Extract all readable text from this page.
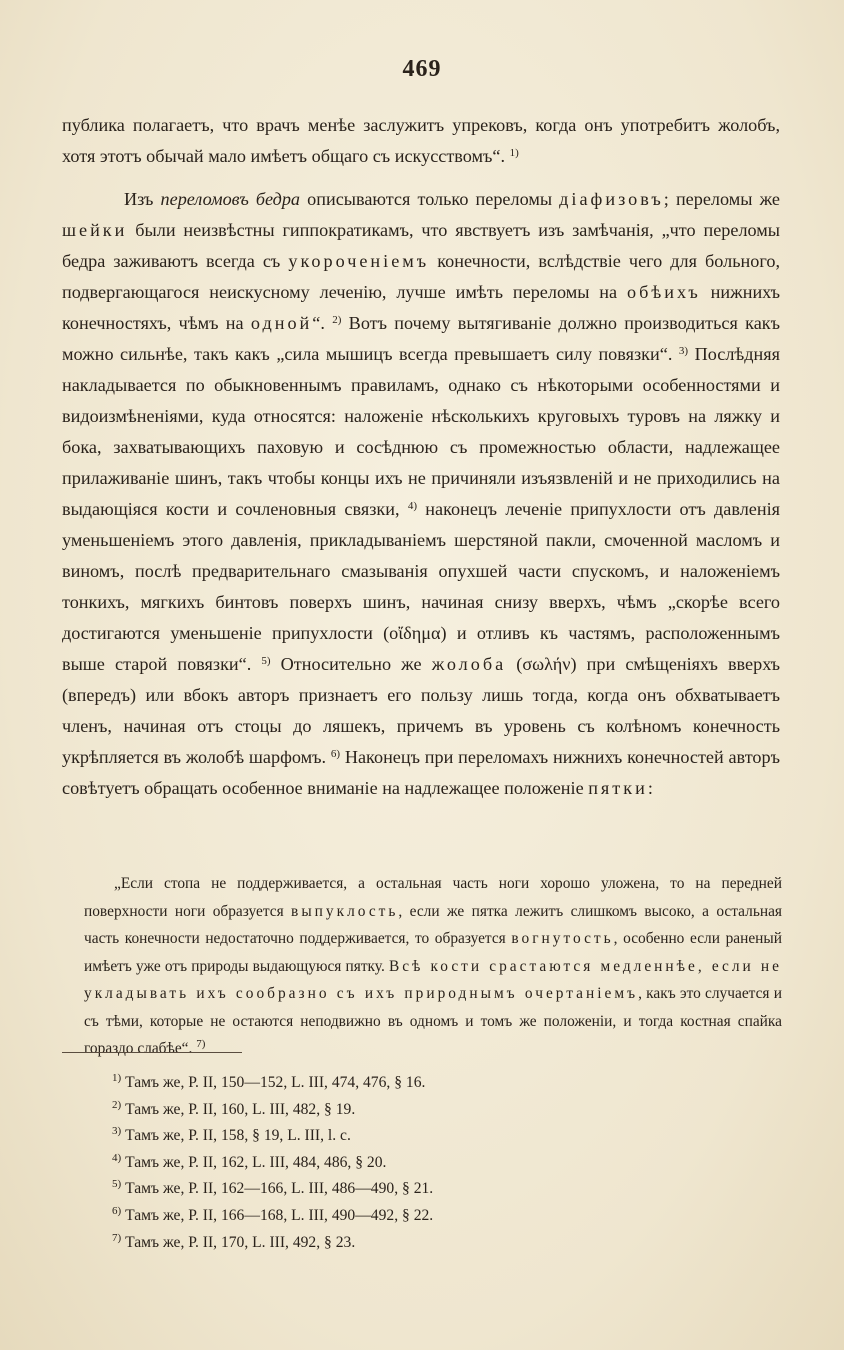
469

публика полагаетъ, что врачъ менѣе заслужитъ упрековъ, когда онъ употребитъ жолобъ, хотя этотъ обычай мало имѣетъ общаго съ искусствомъ“. $^{1)}$

Изъ переломовъ бедра описываются только переломы діафизовъ; переломы же шейки были неизвѣстны гиппократикамъ, что явствуетъ изъ замѣчанія, „что переломы бедра заживаютъ всегда съ укороченіемъ конечности, вслѣдствіе чего для больного, подвергающагося неискусному леченію, лучше имѣть переломы на обѣихъ нижнихъ конечностяхъ, чѣмъ на одной“. $^{2)}$ Вотъ почему вытягиваніе должно производиться какъ можно сильнѣе, такъ какъ „сила мышицъ всегда превышаетъ силу повязки“. $^{3)}$ Послѣдняя накладывается по обыкновеннымъ правиламъ, однако съ нѣкоторыми особенностями и видоизмѣненіями, куда относятся: наложеніе нѣсколькихъ круговыхъ туровъ на ляжку и бока, захватывающихъ паховую и сосѣднюю съ промежностью области, надлежащее прилаживаніе шинъ, такъ чтобы концы ихъ не причиняли изъязвленій и не приходились на выдающіяся кости и сочленовныя связки, $^{4)}$ наконецъ леченіе припухлости отъ давленія уменьшеніемъ этого давленія, прикладываніемъ шерстяной пакли, смоченной масломъ и виномъ, послѣ предварительнаго смазыванія опухшей части спускомъ, и наложеніемъ тонкихъ, мягкихъ бинтовъ поверхъ шинъ, начиная снизу вверхъ, чѣмъ „скорѣе всего достигаются уменьшеніе припухлости (οἴδημα) и отливъ къ частямъ, расположеннымъ выше старой повязки“. $^{5)}$ Относительно же жолоба (σωλήν) при смѣщеніяхъ вверхъ (впередъ) или вбокъ авторъ признаетъ его пользу лишь тогда, когда онъ обхватываетъ членъ, начиная отъ стоцы до ляшекъ, причемъ въ уровень съ колѣномъ конечность укрѣпляется въ жолобѣ шарфомъ. $^{6)}$ Наконецъ при переломахъ нижнихъ конечностей авторъ совѣтуетъ обращать особенное вниманіе на надлежащее положеніе пятки:

„Если стопа не поддерживается, а остальная часть ноги хорошо уложена, то на передней поверхности ноги образуется выпуклость, если же пятка лежитъ слишкомъ высоко, а остальная часть конечности недостаточно поддерживается, то образуется вогнутость, особенно если раненый имѣетъ уже отъ природы выдающуюся пятку. Всѣ кости срастаются медленнѣе, если не укладывать ихъ сообразно съ ихъ природнымъ очертаніемъ, какъ это случается и съ тѣми, которые не остаются неподвижно въ одномъ и томъ же положеніи, и тогда костная спайка гораздо слабѣе“. $^{7)}$

$^{1)}$ Тамъ же, Р. II, 150—152, L. III, 474, 476, § 16.
$^{2)}$ Тамъ же, Р. II, 160, L. III, 482, § 19.
$^{3)}$ Тамъ же, Р. II, 158, § 19, L. III, l. c.
$^{4)}$ Тамъ же, Р. II, 162, L. III, 484, 486, § 20.
$^{5)}$ Тамъ же, Р. II, 162—166, L. III, 486—490, § 21.
$^{6)}$ Тамъ же, Р. II, 166—168, L. III, 490—492, § 22.
$^{7)}$ Тамъ же, Р. II, 170, L. III, 492, § 23.
